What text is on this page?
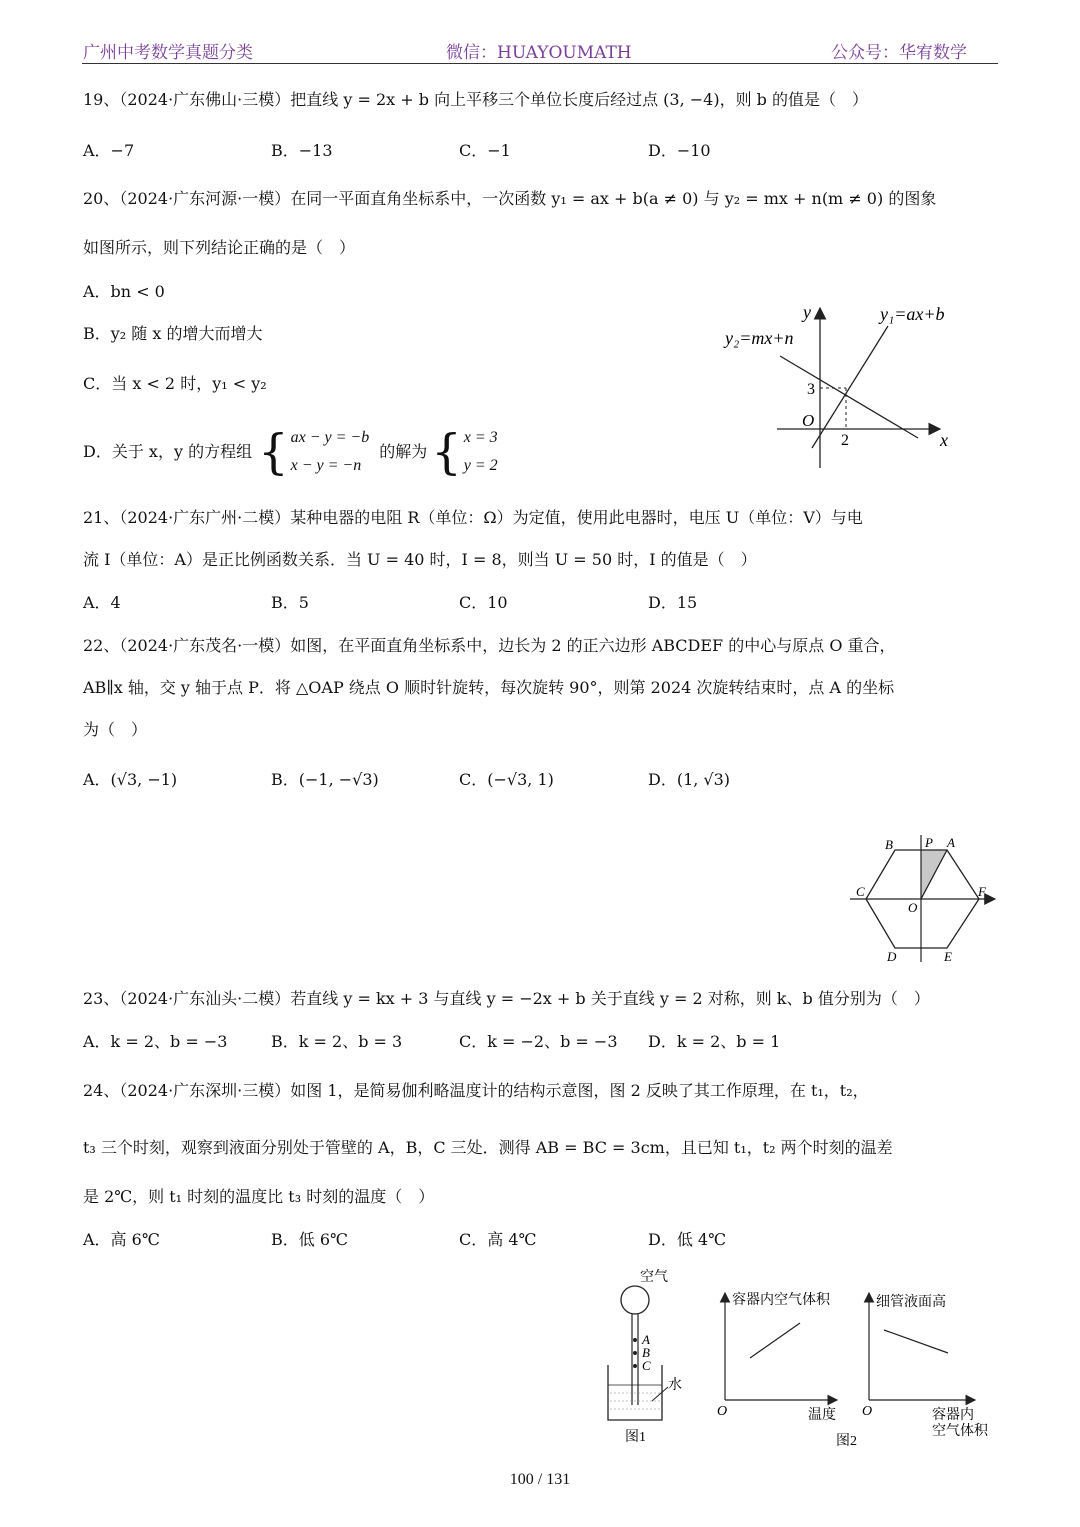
广州中考数学真题分类	微信：HUAYOUMATH	公众号：华宥数学
19、（2024·广东佛山·三模）把直线 y = 2x + b 向上平移三个单位长度后经过点 (3, −4)，则 b 的值是（　）
A．−7	B．−13	C．−1	D．−10
20、（2024·广东河源·一模）在同一平面直角坐标系中，一次函数 y₁ = ax + b(a ≠ 0) 与 y₂ = mx + n(m ≠ 0) 的图象
如图所示，则下列结论正确的是（　）
A．bn < 0
B．y₂ 随 x 的增大而增大
C．当 x < 2 时，y₁ < y₂
D．关于 x，y 的方程组 { ax − y = −b
x − y = −n
的解为 { x = 3
y = 2
y₁=ax+b
y₂=mx+n
y
x
O
2
3
21、（2024·广东广州·二模）某种电器的电阻 R（单位：Ω）为定值，使用此电器时，电压 U（单位：V）与电
流 I（单位：A）是正比例函数关系．当 U = 40 时，I = 8，则当 U = 50 时，I 的值是（　）
A．4	B．5	C．10	D．15
22、（2024·广东茂名·一模）如图，在平面直角坐标系中，边长为 2 的正六边形 ABCDEF 的中心与原点 O 重合，
AB∥x 轴，交 y 轴于点 P．将 △OAP 绕点 O 顺时针旋转，每次旋转 90°，则第 2024 次旋转结束时，点 A 的坐标
为（　）
A．(√3, −1)	B．(−1, −√3)	C．(−√3, 1)	D．(1, √3)
B P A
C	F
O
D	E
23、（2024·广东汕头·二模）若直线 y = kx + 3 与直线 y = −2x + b 关于直线 y = 2 对称，则 k、b 值分别为（　）
A．k = 2、b = −3	B．k = 2、b = 3	C．k = −2、b = −3 D．k = 2、b = 1
24、（2024·广东深圳·三模）如图 1，是简易伽利略温度计的结构示意图，图 2 反映了其工作原理，在 t₁，t₂，
t₃ 三个时刻，观察到液面分别处于管壁的 A，B，C 三处．测得 AB = BC = 3cm，且已知 t₁，t₂ 两个时刻的温差
是 2℃，则 t₁ 时刻的温度比 t₃ 时刻的温度（　）
A．高 6℃	B．低 6℃	C．高 4℃	D．低 4℃
空气
水
A
B
C
图1
容器内空气体积
温度
O
细管液面高
容器内
空气体积
O
图2
100 / 131
